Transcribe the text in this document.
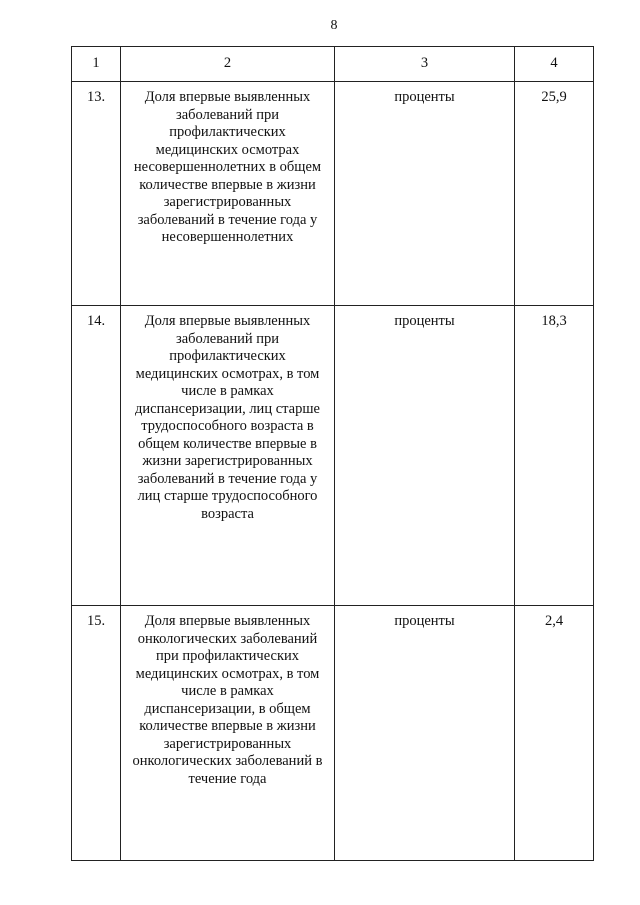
8
1	2	3	4
13.	Доля впервые выявленных заболеваний при профилактических медицинских осмотрах несовершеннолетних в общем количестве впервые в жизни зарегистрированных заболеваний в течение года у несовершеннолетних	проценты	25,9
14.	Доля впервые выявленных заболеваний при профилактических медицинских осмотрах, в том числе в рамках диспансеризации, лиц старше трудоспособного возраста в общем количестве впервые в жизни зарегистрированных заболеваний в течение года у лиц старше трудоспособного возраста	проценты	18,3
15.	Доля впервые выявленных онкологических заболеваний при профилактических медицинских осмотрах, в том числе в рамках диспансеризации, в общем количестве впервые в жизни зарегистрированных онкологических заболеваний в течение года	проценты	2,4
